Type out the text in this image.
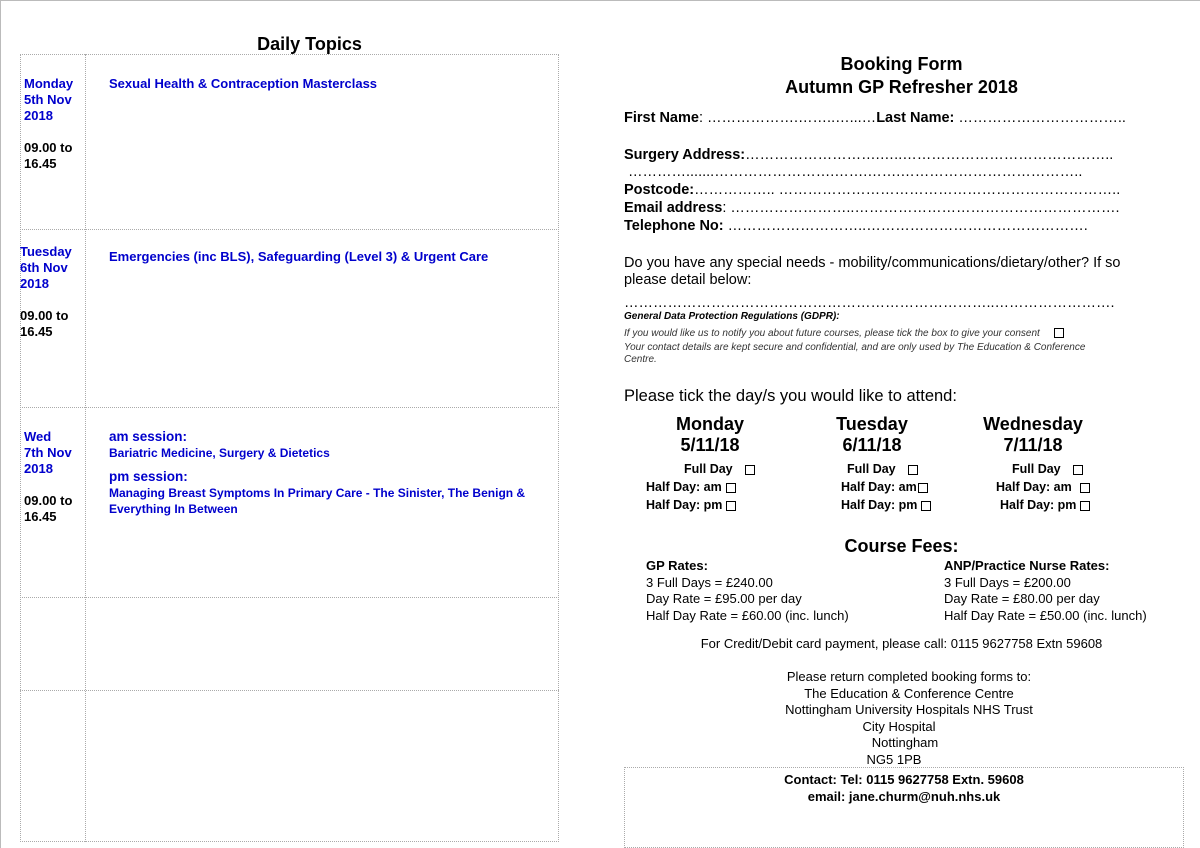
Daily Topics
Monday
5th Nov
2018
09.00 to
16.45
Sexual Health & Contraception Masterclass
Tuesday
6th Nov
2018
09.00 to
16.45
Emergencies (inc BLS), Safeguarding (Level 3) & Urgent Care
Wed
7th Nov
2018
09.00 to
16.45
am session:
Bariatric Medicine, Surgery & Dietetics
pm session:
Managing Breast Symptoms In Primary Care - The Sinister, The Benign &
Everything In Between
Booking Form
Autumn GP Refresher 2018
First Name: ……………….……..…...…Last Name: ……………………………..
Surgery Address:……………………….…..……………………………………..
………….......…………………….…….…….………………………………..
Postcode:…………….. ……………………………………………………………..
Email address: ……………………..……………………………………………….
Telephone No: ………………………..……………………………………….
Do you have any special needs - mobility/communications/dietary/other? If so
please detail below:
…………………………………………………………………..…………………….
General Data Protection Regulations (GDPR):
If you would like us to notify you about future courses, please tick the box to give your consent
Your contact details are kept secure and confidential, and are only used by The Education & Conference
Centre.
Please tick the day/s you would like to attend:
Monday
5/11/18
Tuesday
6/11/18
Wednesday
7/11/18
Full Day
Half Day: am
Half Day: pm
Full Day
Half Day: am
Half Day: pm
Full Day
Half Day: am
Half Day: pm
Course Fees:
GP Rates:
3 Full Days = £240.00
Day Rate = £95.00 per day
Half Day Rate = £60.00 (inc. lunch)
ANP/Practice Nurse Rates:
3 Full Days = £200.00
Day Rate = £80.00 per day
Half Day Rate = £50.00 (inc. lunch)
For Credit/Debit card payment, please call: 0115 9627758 Extn 59608
Please return completed booking forms to:
The Education & Conference Centre
Nottingham University Hospitals NHS Trust
City Hospital
Nottingham
NG5 1PB
Contact: Tel: 0115 9627758 Extn. 59608
email: jane.churm@nuh.nhs.uk
